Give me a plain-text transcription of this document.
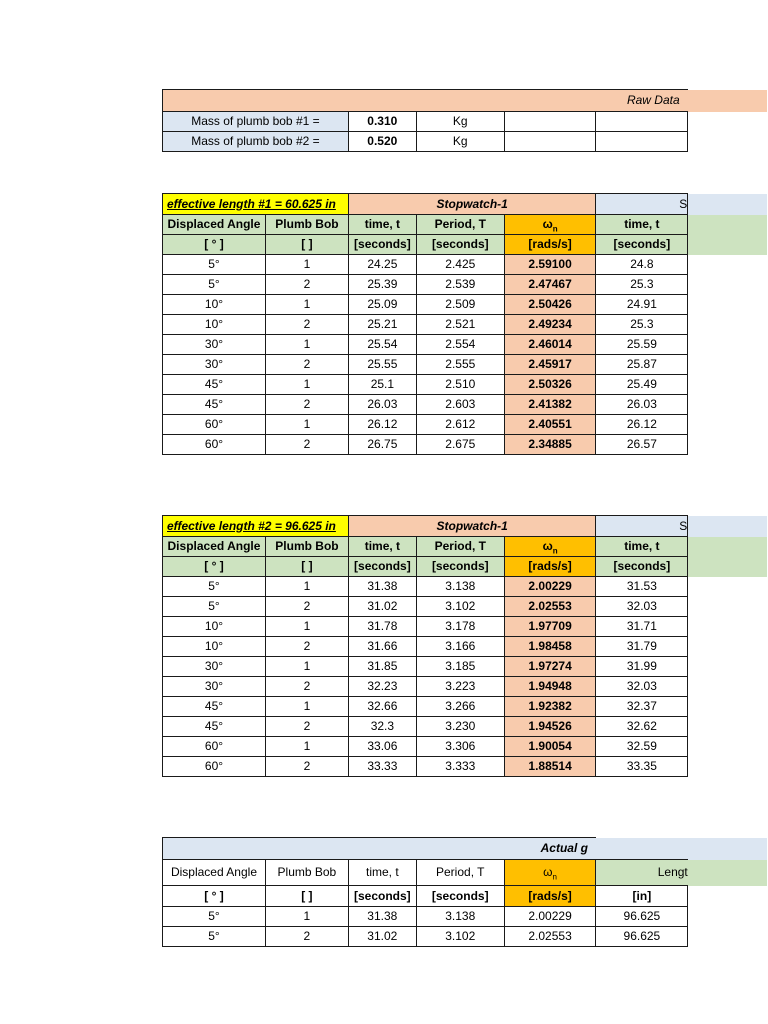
Raw Data					
Mass of plumb bob #1 =	0.310	Kg			
Mass of plumb bob #2 =	0.520	Kg			
effective length #1 = 60.625 in		Stopwatch-1			S	
Displaced Angle	Plumb Bob	time, t	Period, T	$\omega_n$	time, t	
[ ° ]	[ ]	[seconds]	[seconds]	[rads/s]	[seconds]	
5°	1	24.25	2.425	2.59100	24.8	
5°	2	25.39	2.539	2.47467	25.3	
10°	1	25.09	2.509	2.50426	24.91	
10°	2	25.21	2.521	2.49234	25.3	
30°	1	25.54	2.554	2.46014	25.59	
30°	2	25.55	2.555	2.45917	25.87	
45°	1	25.1	2.510	2.50326	25.49	
45°	2	26.03	2.603	2.41382	26.03	
60°	1	26.12	2.612	2.40551	26.12	
60°	2	26.75	2.675	2.34885	26.57	
effective length #2 = 96.625 in		Stopwatch-1			S	
Displaced Angle	Plumb Bob	time, t	Period, T	$\omega_n$	time, t	
[ ° ]	[ ]	[seconds]	[seconds]	[rads/s]	[seconds]	
5°	1	31.38	3.138	2.00229	31.53	
5°	2	31.02	3.102	2.02553	32.03	
10°	1	31.78	3.178	1.97709	31.71	
10°	2	31.66	3.166	1.98458	31.79	
30°	1	31.85	3.185	1.97274	31.99	
30°	2	32.23	3.223	1.94948	32.03	
45°	1	32.66	3.266	1.92382	32.37	
45°	2	32.3	3.230	1.94526	32.62	
60°	1	33.06	3.306	1.90054	32.59	
60°	2	33.33	3.333	1.88514	33.35	
Actual g						
Displaced Angle	Plumb Bob	time, t	Period, T	$\omega_n$	Lengt	
[ ° ]	[ ]	[seconds]	[seconds]	[rads/s]	[in]	
5°	1	31.38	3.138	2.00229	96.625	
5°	2	31.02	3.102	2.02553	96.625	
